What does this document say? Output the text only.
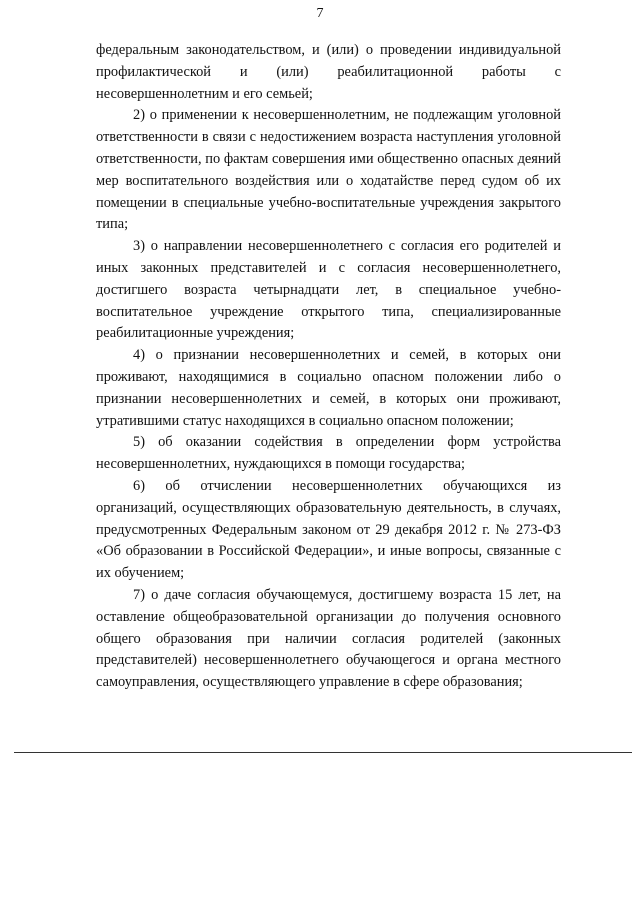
7

федеральным законодательством, и (или) о проведении индивидуальной профилактической и (или) реабилитационной работы с несовершеннолетним и его семьей;

2) о применении к несовершеннолетним, не подлежащим уголовной ответственности в связи с недостижением возраста наступления уголовной ответственности, по фактам совершения ими общественно опасных деяний мер воспитательного воздействия или о ходатайстве перед судом об их помещении в специальные учебно-воспитательные учреждения закрытого типа;

3) о направлении несовершеннолетнего с согласия его родителей и иных законных представителей и с согласия несовершеннолетнего, достигшего возраста четырнадцати лет, в специальное учебно-воспитательное учреждение открытого типа, специализированные реабилитационные учреждения;

4) о признании несовершеннолетних и семей, в которых они проживают, находящимися в социально опасном положении либо о признании несовершеннолетних и семей, в которых они проживают, утратившими статус находящихся в социально опасном положении;

5) об оказании содействия в определении форм устройства несовершеннолетних, нуждающихся в помощи государства;

6) об отчислении несовершеннолетних обучающихся из организаций, осуществляющих образовательную деятельность, в случаях, предусмотренных Федеральным законом от 29 декабря 2012 г. № 273-ФЗ «Об образовании в Российской Федерации», и иные вопросы, связанные с их обучением;

7) о даче согласия обучающемуся, достигшему возраста 15 лет, на оставление общеобразовательной организации до получения основного общего образования при наличии согласия родителей (законных представителей) несовершеннолетнего обучающегося и органа местного самоуправления, осуществляющего управление в сфере образования;
